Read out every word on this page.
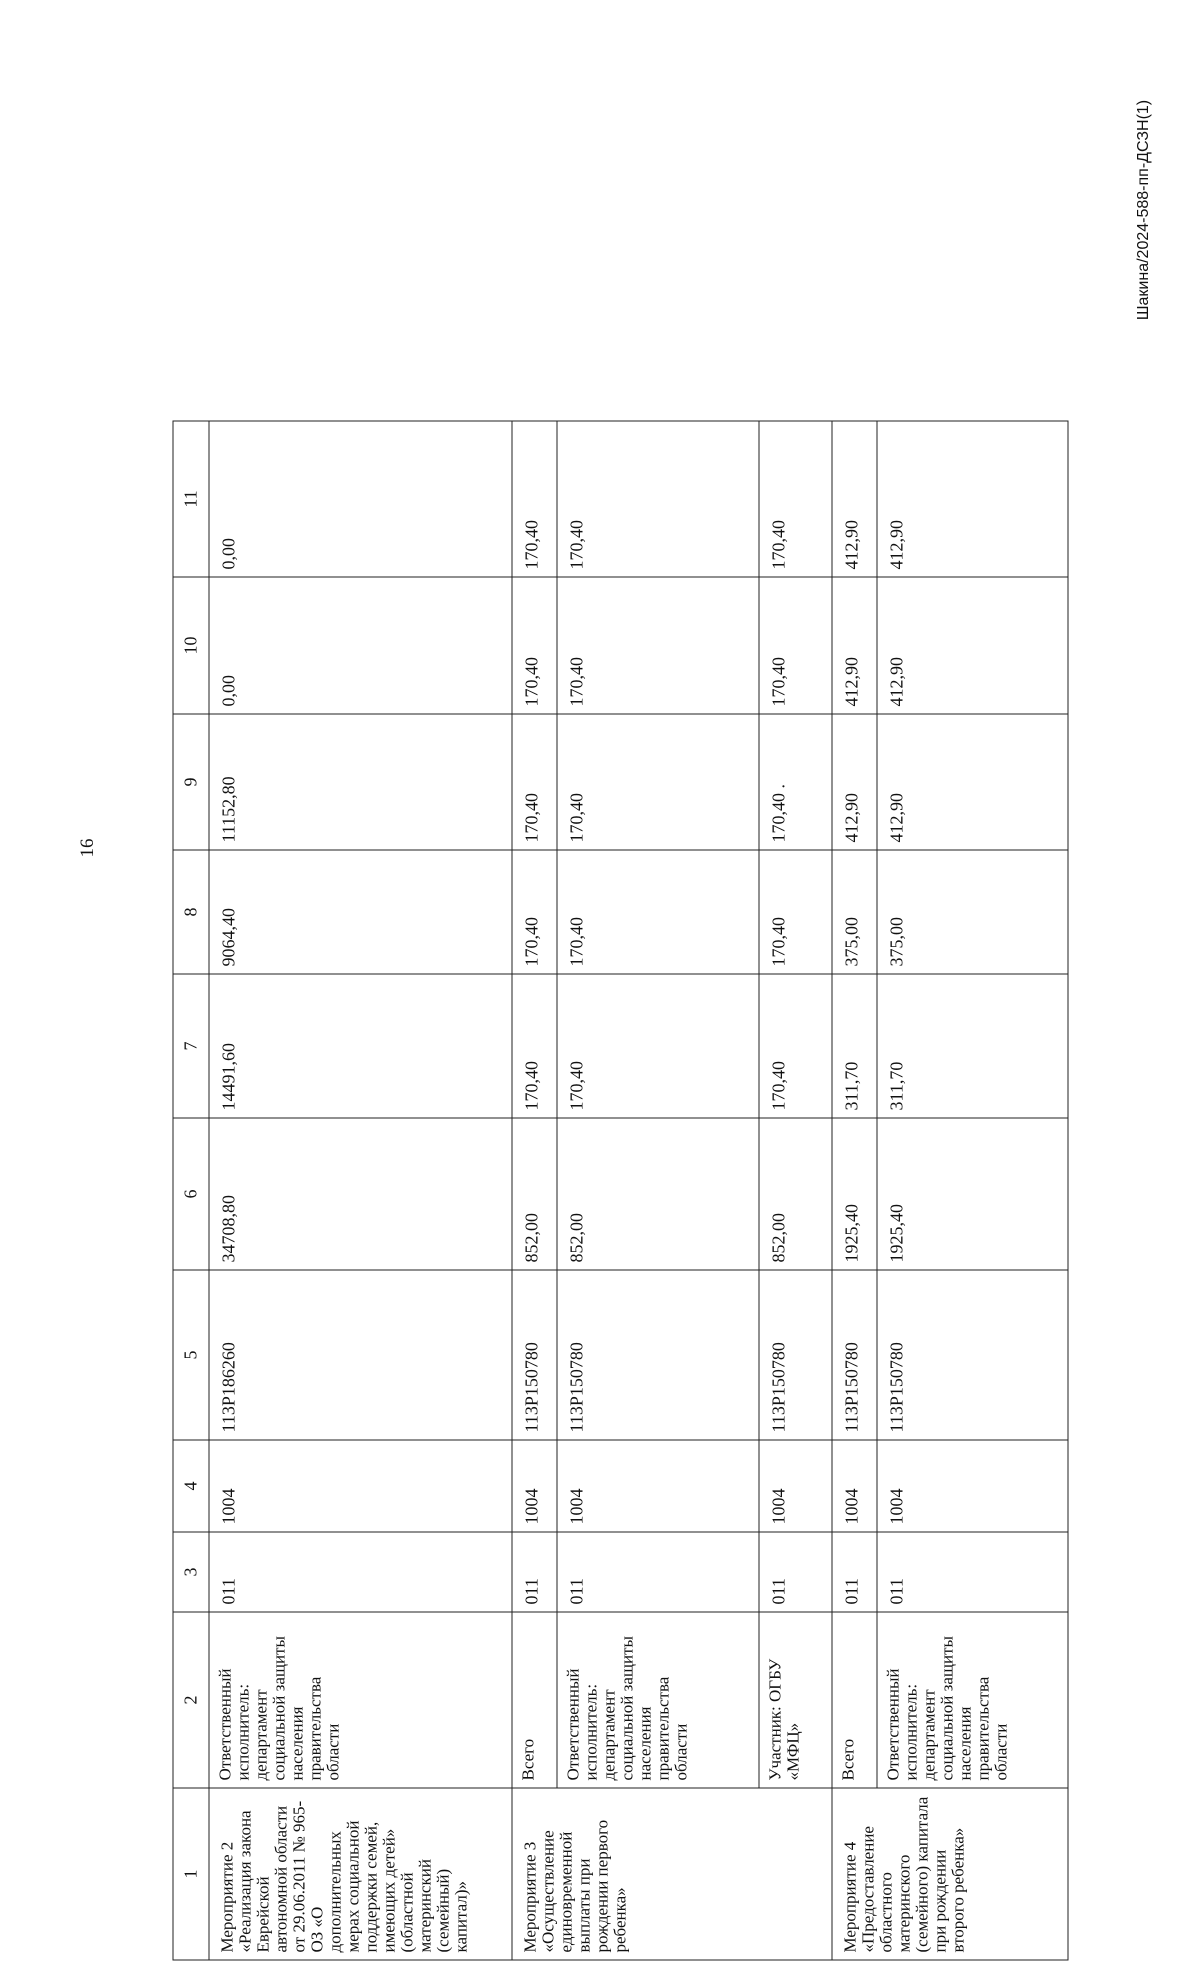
16
Шакина/2024-588-пп-ДСЗН(1)
1	2	3	4	5	6	7	8	9	10	11
Мероприятие 2 «Реализация закона Еврейской автономной области от 29.06.2011 № 965-ОЗ «О дополнительных мерах социальной поддержки семей, имеющих детей» (областной материнский (семейный) капитал)»	Ответственный исполнитель: департамент социальной защиты населения правительства области	011	1004	113Р186260	34708,80	14491,60	9064,40	11152,80	0,00	0,00
Мероприятие 3 «Осуществление единовременной выплаты при рождении первого ребенка»	Всего	011	1004	113Р150780	852,00	170,40	170,40	170,40	170,40	170,40
	Ответственный исполнитель: департамент социальной защиты населения правительства области	011	1004	113Р150780	852,00	170,40	170,40	170,40	170,40	170,40
	Участник: ОГБУ «МФЦ»	011	1004	113Р150780	852,00	170,40	170,40	170,40 .	170,40	170,40
Мероприятие 4 «Предоставление областного материнского (семейного) капитала при рождении второго ребенка»	Всего	011	1004	113Р150780	1925,40	311,70	375,00	412,90	412,90	412,90
	Ответственный исполнитель: департамент социальной защиты населения правительства области	011	1004	113Р150780	1925,40	311,70	375,00	412,90	412,90	412,90
